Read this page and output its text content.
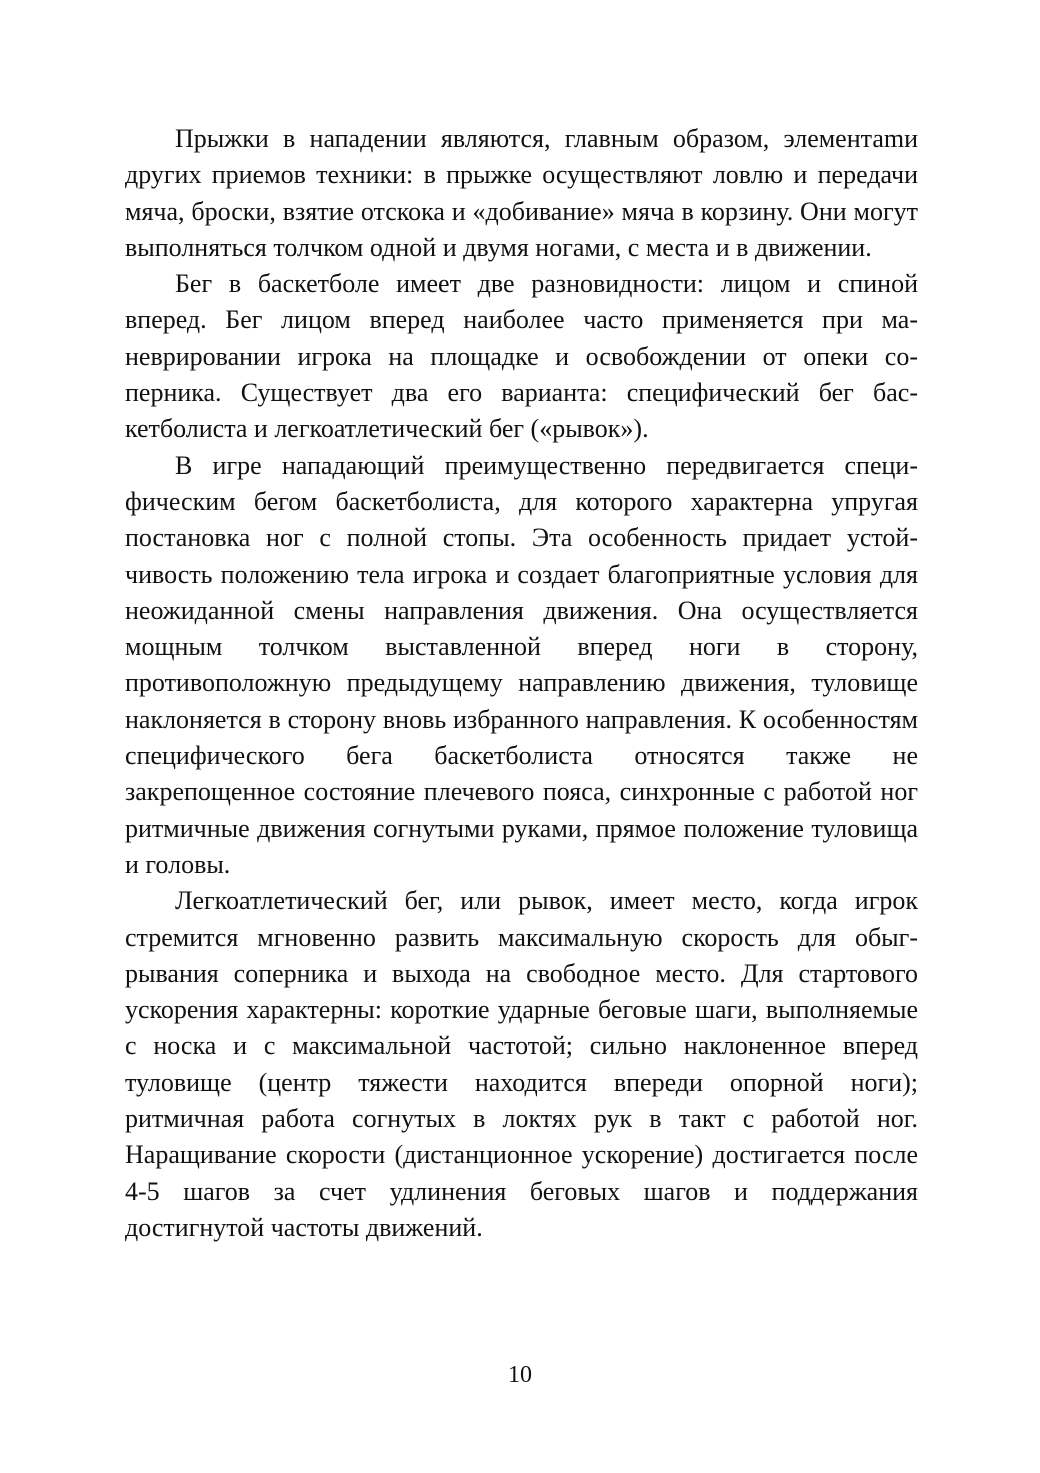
Прыжки в нападении являются, главным образом, элементаmи других приемов техники: в прыжке осуществляют ловлю и передачи мяча, броски, взятие отскока и «добивание» мяча в корзину. Они могут выполняться толчком одной и двумя ногами, с места и в движении.

Бег в баскетболе имеет две разновидности: лицом и спиной вперед. Бег лицом вперед наиболее часто применяется при маневрировании игрока на площадке и освобождении от опеки соперника. Существует два его варианта: специфический бег баскетболиста и легкоатлетический бег («рывок»).

В игре нападающий преимущественно передвигается специфическим бегом баскетболиста, для которого характерна упругая постановка ног с полной стопы. Эта особенность придает устойчивость положению тела игрока и создает благоприятные условия для неожиданной смены направления движения. Она осуществляется мощным толчком выставленной вперед ноги в сторону, противоположную предыдущему направлению движения, туловище наклоняется в сторону вновь избранного направления. К особенностям специфического бега баскетболиста относятся также не закрепощенное состояние плечевого пояса, синхронные с работой ног ритмичные движения согнутыми руками, прямое положение туловища и головы.

Легкоатлетический бег, или рывок, имеет место, когда игрок стремится мгновенно развить максимальную скорость для обыгрывания соперника и выхода на свободное место. Для стартового ускорения характерны: короткие ударные беговые шаги, выполняемые с носка и с максимальной частотой; сильно наклоненное вперед туловище (центр тяжести находится впереди опорной ноги); ритмичная работа согнутых в локтях рук в такт с работой ног. Наращивание скорости (дистанционное ускорение) достигается после 4-5 шагов за счет удлинения беговых шагов и поддержания достигнутой частоты движений.

10
